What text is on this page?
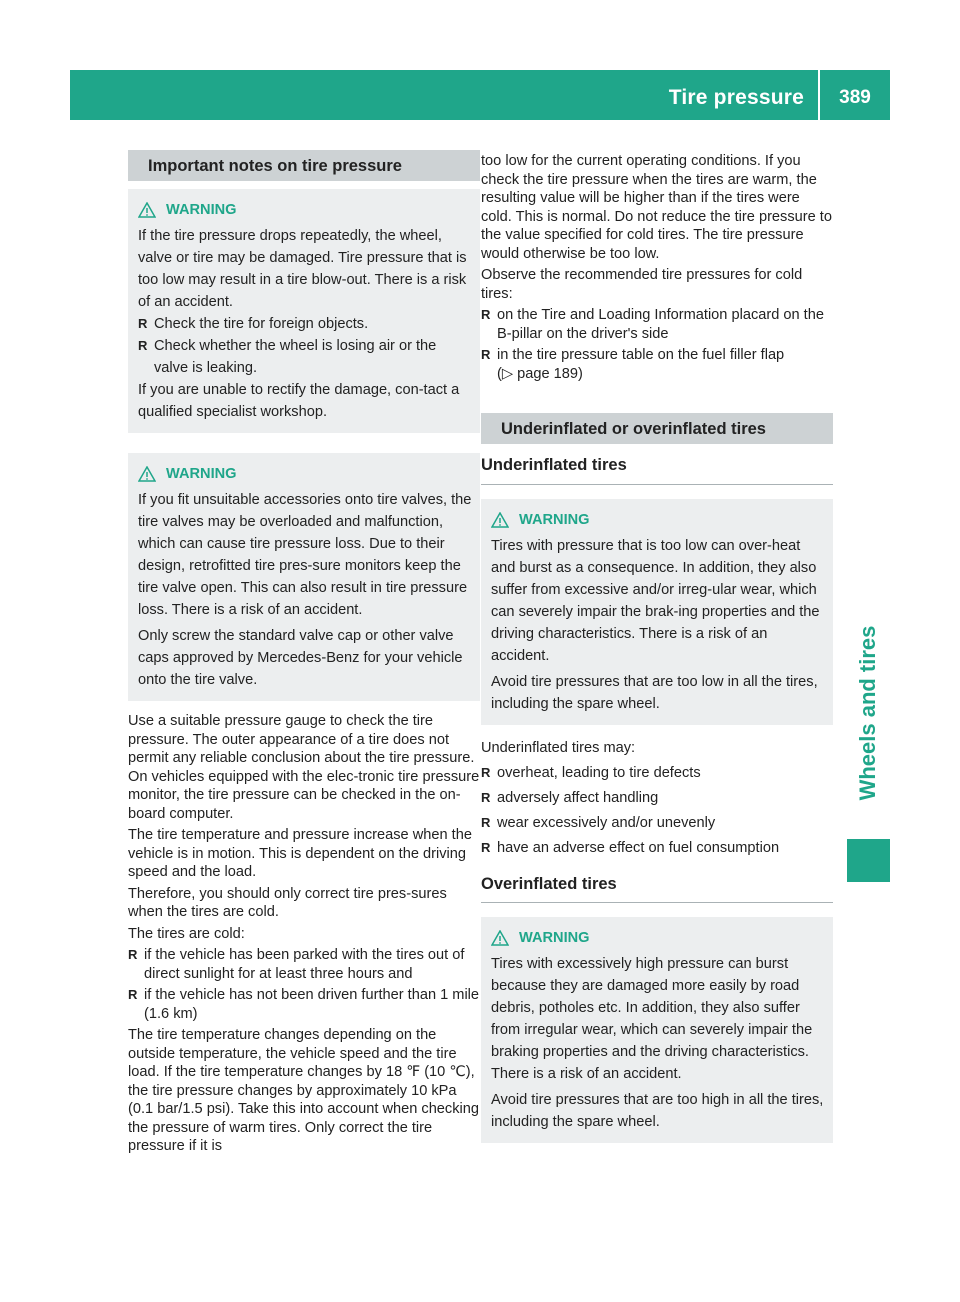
Tire pressure	389
Wheels and tires
Important notes on tire pressure
WARNING

If the tire pressure drops repeatedly, the wheel, valve or tire may be damaged. Tire pressure that is too low may result in a tire blow-out. There is a risk of an accident.

R Check the tire for foreign objects.

R Check whether the wheel is losing air or the valve is leaking.

If you are unable to rectify the damage, con-tact a qualified specialist workshop.

WARNING

If you fit unsuitable accessories onto tire valves, the tire valves may be overloaded and malfunction, which can cause tire pressure loss. Due to their design, retrofitted tire pres-sure monitors keep the tire valve open. This can also result in tire pressure loss. There is a risk of an accident.

Only screw the standard valve cap or other valve caps approved by Mercedes-Benz for your vehicle onto the tire valve.

Use a suitable pressure gauge to check the tire pressure. The outer appearance of a tire does not permit any reliable conclusion about the tire pressure. On vehicles equipped with the elec-tronic tire pressure monitor, the tire pressure can be checked in the on-board computer.

The tire temperature and pressure increase when the vehicle is in motion. This is dependent on the driving speed and the load.

Therefore, you should only correct tire pres-sures when the tires are cold.

The tires are cold:

R if the vehicle has been parked with the tires out of direct sunlight for at least three hours and

R if the vehicle has not been driven further than 1 mile (1.6 km)

The tire temperature changes depending on the outside temperature, the vehicle speed and the tire load. If the tire temperature changes by 18 ℉ (10 ℃), the tire pressure changes by approximately 10 kPa (0.1 bar/1.5 psi). Take this into account when checking the pressure of warm tires. Only correct the tire pressure if it is

too low for the current operating conditions. If you check the tire pressure when the tires are warm, the resulting value will be higher than if the tires were cold. This is normal. Do not reduce the tire pressure to the value specified for cold tires. The tire pressure would otherwise be too low.

Observe the recommended tire pressures for cold tires:

R on the Tire and Loading Information placard on the B-pillar on the driver's side

R in the tire pressure table on the fuel filler flap
(▷ page 189)

Underinflated or overinflated tires
Underinflated tires
WARNING

Tires with pressure that is too low can over-heat and burst as a consequence. In addition, they also suffer from excessive and/or irreg-ular wear, which can severely impair the brak-ing properties and the driving characteristics. There is a risk of an accident.

Avoid tire pressures that are too low in all the tires, including the spare wheel.

Underinflated tires may:

R overheat, leading to tire defects

R adversely affect handling

R wear excessively and/or unevenly

R have an adverse effect on fuel consumption

Overinflated tires
WARNING

Tires with excessively high pressure can burst because they are damaged more easily by road debris, potholes etc. In addition, they also suffer from irregular wear, which can severely impair the braking properties and the driving characteristics. There is a risk of an accident.

Avoid tire pressures that are too high in all the tires, including the spare wheel.
